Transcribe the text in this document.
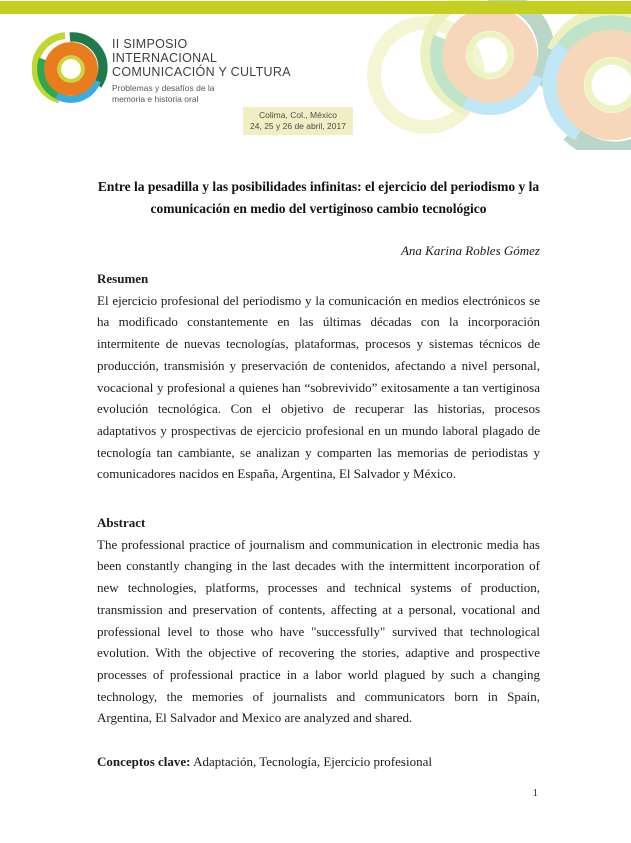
II SIMPOSIO
INTERNACIONAL
COMUNICACIÓN Y CULTURA
Problemas y desafíos de la
memoria e historia oral
Colima, Col., México
24, 25 y 26 de abril, 2017
Entre la pesadilla y las posibilidades infinitas: el ejercicio del periodismo y la
comunicación en medio del vertiginoso cambio tecnológico
Ana Karina Robles Gómez
Resumen

El ejercicio profesional del periodismo y la comunicación en medios electrónicos se ha modificado constantemente en las últimas décadas con la incorporación intermitente de nuevas tecnologías, plataformas, procesos y sistemas técnicos de producción, transmisión y preservación de contenidos, afectando a nivel personal, vocacional y profesional a quienes han “sobrevivido” exitosamente a tan vertiginosa evolución tecnológica. Con el objetivo de recuperar las historias, procesos adaptativos y prospectivas de ejercicio profesional en un mundo laboral plagado de tecnología tan cambiante, se analizan y comparten las memorias de periodistas y comunicadores nacidos en España, Argentina, El Salvador y México.

Abstract

The professional practice of journalism and communication in electronic media has been constantly changing in the last decades with the intermittent incorporation of new technologies, platforms, processes and technical systems of production, transmission and preservation of contents, affecting at a personal, vocational and professional level to those who have "successfully" survived that technological evolution. With the objective of recovering the stories, adaptive and prospective processes of professional practice in a labor world plagued by such a changing technology, the memories of journalists and communicators born in Spain, Argentina, El Salvador and Mexico are analyzed and shared.

Conceptos clave: Adaptación, Tecnología, Ejercicio profesional
1
